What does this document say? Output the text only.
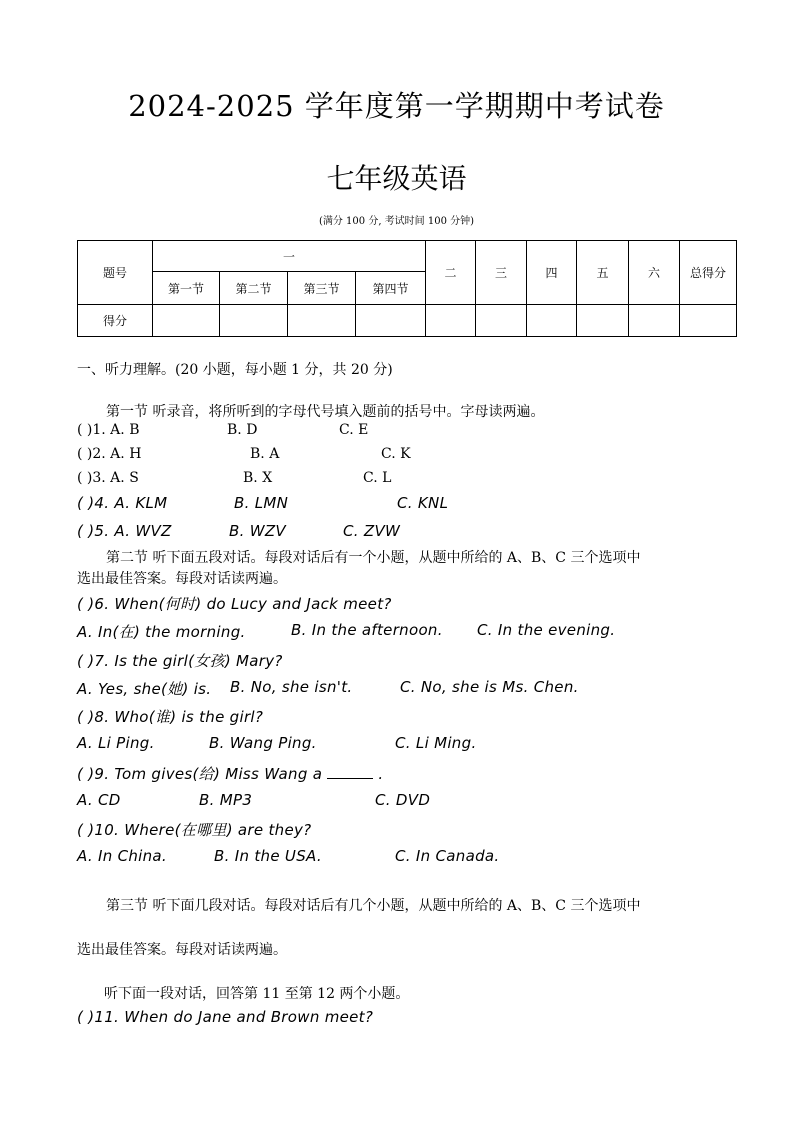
2024-2025 学年度第一学期期中考试卷
七年级英语
(满分 100 分, 考试时间 100 分钟)
题号	一				二	三	四	五	六	总得分
	第一节	第二节	第三节	第四节						
得分										
一、听力理解。(20 小题，每小题 1 分，共 20 分)
第一节 听录音，将所听到的字母代号填入题前的括号中。字母读两遍。
( )1. A. B	B. D	C. E
( )2. A. H	B. A	C. K
( )3. A. S	B. X	C. L
( )4. A. KLM	B. LMN	C. KNL
( )5. A. WVZ	B. WZV	C. ZVW
第二节 听下面五段对话。每段对话后有一个小题，从题中所给的 A、B、C 三个选项中
选出最佳答案。每段对话读两遍。
( )6. When(何时) do Lucy and Jack meet?
A. In(在) the morning.	B. In the afternoon. C. In the evening.
( )7. Is the girl(女孩) Mary?
A. Yes, she(她) is. B. No, she isn't.	C. No, she is Ms. Chen.
( )8. Who(谁) is the girl?
A. Li Ping.	B. Wang Ping.	C. Li Ming.
( )9. Tom gives(给) Miss Wang a	.
A. CD	B. MP3	C. DVD
( )10. Where(在哪里) are they?
A. In China.	B. In the USA.	C. In Canada.
第三节 听下面几段对话。每段对话后有几个小题，从题中所给的 A、B、C 三个选项中
选出最佳答案。每段对话读两遍。
听下面一段对话，回答第 11 至第 12 两个小题。
( )11. When do Jane and Brown meet?
